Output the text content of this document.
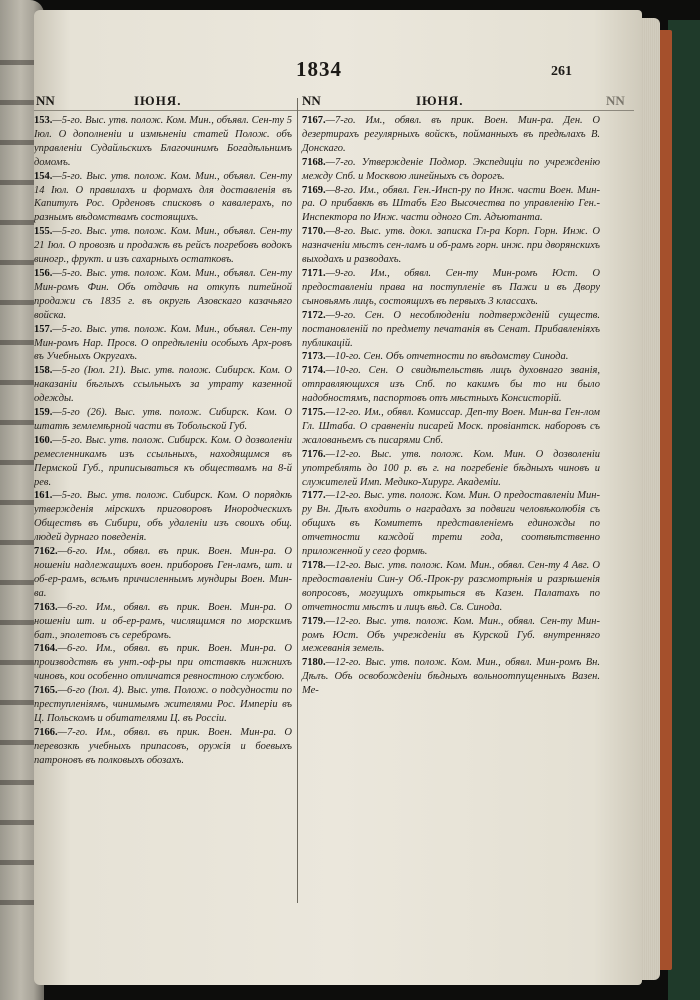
1834	261
NN	ІЮНЯ.	NN	ІЮНЯ.	NN
153.—5-го. Выс. утв. полож. Ком. Мин., объявл. Сен-ту 5 Іюл. О дополненіи и измѣненіи статей Полож. объ управленіи Судайльскихъ Благочинимъ Богадѣльнимъ домомъ.
154.—5-го. Выс. утв. полож. Ком. Мин., объявл. Сен-ту 14 Іюл. О правилахъ и формахъ для доставленія въ Капитулъ Рос. Орденовъ списковъ о кавалерахъ, по разнымъ вѣдомствамъ состоящихъ.
155.—5-го. Выс. утв. полож. Ком. Мин., объявл. Сен-ту 21 Іюл. О провозѣ и продажѣ въ рейсъ погребовъ водокъ виногр., фрукт. и изъ сахарныхъ остатковъ.
156.—5-го. Выс. утв. полож. Ком. Мин., объявл. Сен-ту Мин-ромъ Фин. Объ отдачѣ на откупъ питейной продажи съ 1835 г. въ округѣ Азовскаго казачьяго войска.
157.—5-го. Выс. утв. полож. Ком. Мин., объявл. Сен-ту Мин-ромъ Нар. Просв. О опредѣленіи особыхъ Арх-ровъ въ Учебныхъ Округахъ.
158.—5-го (Іюл. 21). Выс. утв. полож. Сибирск. Ком. О наказаніи бѣглыхъ ссыльныхъ за утрату казенной одежды.
159.—5-го (26). Выс. утв. полож. Сибирск. Ком. О штатѣ землемѣрной части въ Тобольской Губ.
160.—5-го. Выс. утв. полож. Сибирск. Ком. О дозволеніи ремесленникамъ изъ ссыльныхъ, находящимся въ Пермской Губ., приписываться къ обществамъ на 8-й рев.
161.—5-го. Выс. утв. полож. Сибирск. Ком. О порядкѣ утвержденія мірскихъ приговоровъ Инородческихъ Обществъ въ Сибири, объ удаленіи изъ своихъ общ. людей дурнаго поведенія.
7162.—6-го. Им., обявл. въ прик. Воен. Мин-ра. О ношеніи надлежащихъ воен. приборовъ Ген-ламъ, шт. и об-ер-рамъ, всѣмъ причисленнымъ мундиры Воен. Мин-ва.
7163.—6-го. Им., обявл. въ прик. Воен. Мин-ра. О ношеніи шт. и об-ер-рамъ, числящимся по морскимъ бат., эполетовъ съ серебромъ.
7164.—6-го. Им., обявл. въ прик. Воен. Мин-ра. О производствѣ въ унт.-оф-ры при отставкѣ нижнихъ чиновъ, кои особенно отличатся ревностною службою.
7165.—6-го (Іюл. 4). Выс. утв. Полож. о подсудности по преступленіямъ, чинимымъ жителями Рос. Имперіи въ Ц. Польскомъ и обитателями Ц. въ Россіи.
7166.—7-го. Им., обявл. въ прик. Воен. Мин-ра. О перевозкѣ учебныхъ припасовъ, оружія и боевыхъ патроновъ въ полковыхъ обозахъ.
7167.—7-го. Им., обявл. въ прик. Воен. Мин-ра. Ден. О дезертирахъ регулярныхъ войскъ, пойманныхъ въ предѣлахъ В. Донскаго.
7168.—7-го. Утвержденіе Подмор. Экспедиціи по учрежденію между Спб. и Москвою линейныхъ съ дорогъ.
7169.—8-го. Им., обявл. Ген.-Инсп-ру по Инж. части Воен. Мин-ра. О прибавкѣ въ Штабъ Его Высочества по управленію Ген.-Инспектора по Инж. части одного Ст. Адъютанта.
7170.—8-го. Выс. утв. докл. записка Гл-ра Корп. Горн. Инж. О назначеніи мѣстъ сен-ламъ и об-рамъ горн. инж. при дворянскихъ выходахъ и разводахъ.
7171.—9-го. Им., обявл. Сен-ту Мин-ромъ Юст. О предоставленіи права на поступленіе въ Пажи и въ Двору сыновьямъ лицъ, состоящихъ въ первыхъ 3 классахъ.
7172.—9-го. Сен. О несоблюденіи подтвержденій существ. постановленій по предмету печатанія въ Сенат. Прибавленіяхъ публикацій.
7173.—10-го. Сен. Объ отчетности по вѣдомству Синода.
7174.—10-го. Сен. О свидѣтельствѣ лицъ духовнаго званія, отправляющихся изъ Спб. по какимъ бы то ни было надобностямъ, паспортовъ отъ мѣстныхъ Консисторій.
7175.—12-го. Им., обявл. Комиссар. Деп-ту Воен. Мин-ва Ген-лом Гл. Штаба. О сравненіи писарей Моск. провіантск. наборовъ съ жалованьемъ съ писарями Спб.
7176.—12-го. Выс. утв. полож. Ком. Мин. О дозволеніи употреблять до 100 р. въ г. на погребеніе бѣдныхъ чиновъ и служителей Имп. Медико-Хирург. Академіи.
7177.—12-го. Выс. утв. полож. Ком. Мин. О предоставленіи Мин-ру Вн. Дѣлъ входить о наградахъ за подвиги человѣколюбія съ общихъ въ Комитетъ представленіемъ единожды по отчетности каждой трети года, соотвѣтственно приложенной у сего формѣ.
7178.—12-го. Выс. утв. полож. Ком. Мин., обявл. Сен-ту 4 Авг. О предоставленіи Син-у Об.-Прок-ру разсмотрѣнія и разрѣшенія вопросовъ, могущихъ открыться въ Казен. Палатахъ по отчетности мѣстъ и лицъ вѣд. Св. Синода.
7179.—12-го. Выс. утв. полож. Ком. Мин., обявл. Сен-ту Мин-ромъ Юст. Объ учрежденіи въ Курской Губ. внутренняго межеванія земель.
7180.—12-го. Выс. утв. полож. Ком. Мин., обявл. Мин-ромъ Вн. Дѣлъ. Объ освобожденіи бѣдныхъ вольноотпущенныхъ Вазен. Ме-
